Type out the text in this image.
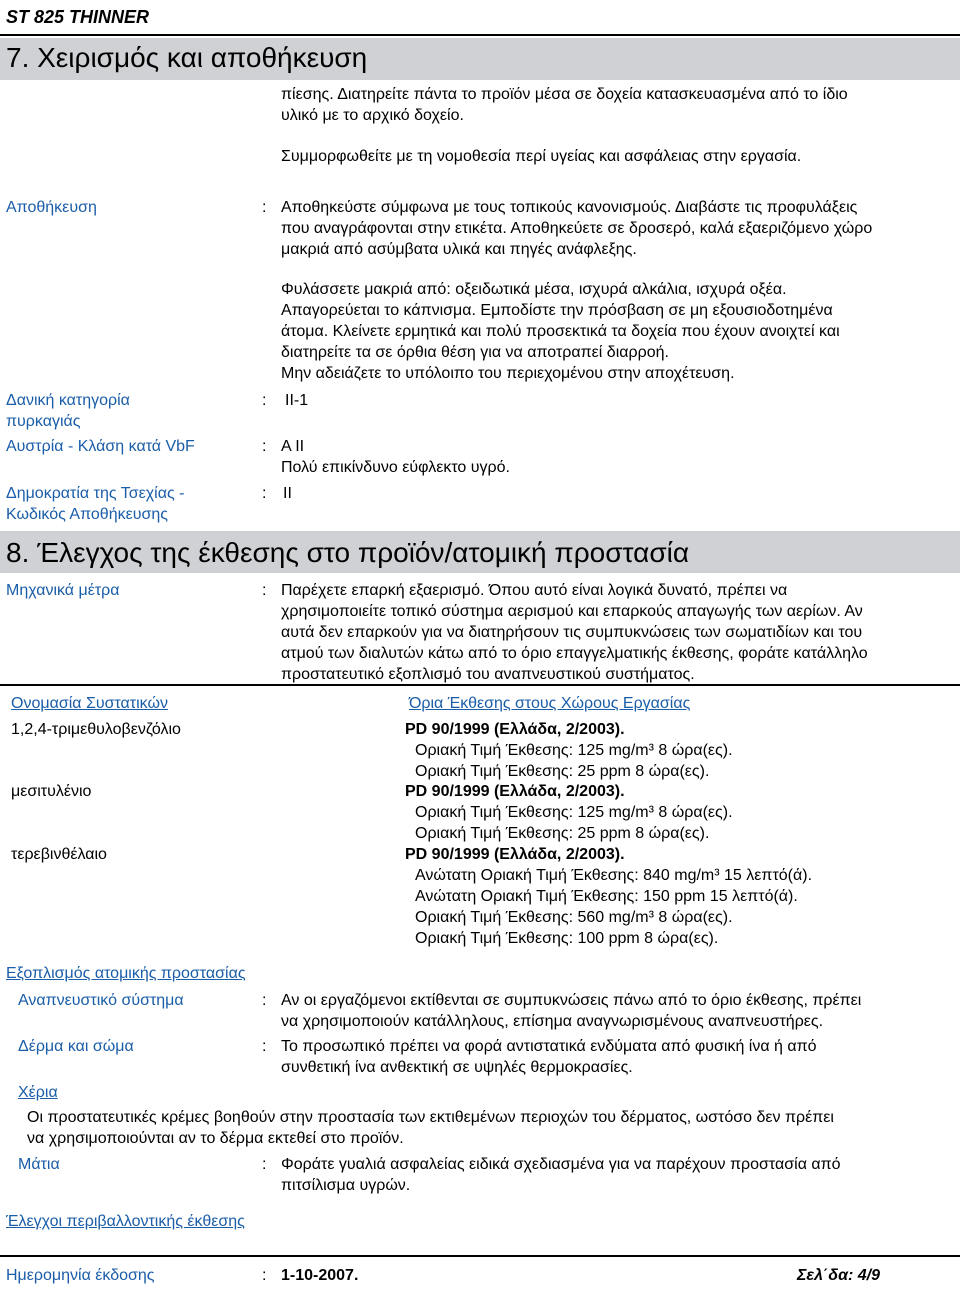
ST 825 THINNER
7. Χειρισμός και αποθήκευση
πίεσης. Διατηρείτε πάντα το προϊόν μέσα σε δοχεία κατασκευασμένα από το ίδιο
υλικό με το αρχικό δοχείο.
Συμμορφωθείτε με τη νομοθεσία περί υγείας και ασφάλειας στην εργασία.
Αποθήκευση	: Αποθηκεύστε σύμφωνα με τους τοπικούς κανονισμούς. Διαβάστε τις προφυλάξεις
που αναγράφονται στην ετικέτα. Αποθηκεύετε σε δροσερό, καλά εξαεριζόμενο χώρο
μακριά από ασύμβατα υλικά και πηγές ανάφλεξης.
Φυλάσσετε μακριά από: οξειδωτικά μέσα, ισχυρά αλκάλια, ισχυρά οξέα.
Απαγορεύεται το κάπνισμα. Εμποδίστε την πρόσβαση σε μη εξουσιοδοτημένα
άτομα. Κλείνετε ερμητικά και πολύ προσεκτικά τα δοχεία που έχουν ανοιχτεί και
διατηρείτε τα σε όρθια θέση για να αποτραπεί διαρροή.
Μην αδειάζετε το υπόλοιπο του περιεχομένου στην αποχέτευση.
Δανική κατηγορία
πυρκαγιάς
: II-1
Αυστρία - Κλάση κατά VbF	: A II
Πολύ επικίνδυνο εύφλεκτο υγρό.
Δημοκρατία της Τσεχίας -
Κωδικός Αποθήκευσης
: II
8. Έλεγχος της έκθεσης στο προϊόν/ατομική προστασία
Μηχανικά μέτρα	: Παρέχετε επαρκή εξαερισμό. Όπου αυτό είναι λογικά δυνατό, πρέπει να
χρησιμοποιείτε τοπικό σύστημα αερισμού και επαρκούς απαγωγής των αερίων. Αν
αυτά δεν επαρκούν για να διατηρήσουν τις συμπυκνώσεις των σωματιδίων και του
ατμού των διαλυτών κάτω από το όριο επαγγελματικής έκθεσης, φοράτε κατάλληλο
προστατευτικό εξοπλισμό του αναπνευστικού συστήματος.
Ονομασία Συστατικών	Όρια Έκθεσης στους Χώρους Εργασίας
1,2,4-τριμεθυλοβενζόλιο	PD 90/1999 (Ελλάδα, 2/2003).
Οριακή Τιμή Έκθεσης: 125 mg/m³ 8 ώρα(ες).
Οριακή Τιμή Έκθεσης: 25 ppm 8 ώρα(ες).
μεσιτυλένιο	PD 90/1999 (Ελλάδα, 2/2003).
Οριακή Τιμή Έκθεσης: 125 mg/m³ 8 ώρα(ες).
Οριακή Τιμή Έκθεσης: 25 ppm 8 ώρα(ες).
τερεβινθέλαιο	PD 90/1999 (Ελλάδα, 2/2003).
Ανώτατη Οριακή Τιμή Έκθεσης: 840 mg/m³ 15 λεπτό(ά).
Ανώτατη Οριακή Τιμή Έκθεσης: 150 ppm 15 λεπτό(ά).
Οριακή Τιμή Έκθεσης: 560 mg/m³ 8 ώρα(ες).
Οριακή Τιμή Έκθεσης: 100 ppm 8 ώρα(ες).
Εξοπλισμός ατομικής προστασίας
Αναπνευστικό σύστημα	: Αν οι εργαζόμενοι εκτίθενται σε συμπυκνώσεις πάνω από το όριο έκθεσης, πρέπει
να χρησιμοποιούν κατάλληλους, επίσημα αναγνωρισμένους αναπνευστήρες.
Δέρμα και σώμα	: Το προσωπικό πρέπει να φορά αντιστατικά ενδύματα από φυσική ίνα ή από
συνθετική ίνα ανθεκτική σε υψηλές θερμοκρασίες.
Χέρια
Οι προστατευτικές κρέμες βοηθούν στην προστασία των εκτιθεμένων περιοχών του δέρματος, ωστόσο δεν πρέπει
να χρησιμοποιούνται αν το δέρμα εκτεθεί στο προϊόν.
Μάτια	: Φοράτε γυαλιά ασφαλείας ειδικά σχεδιασμένα για να παρέχουν προστασία από
πιτσίλισμα υγρών.
Έλεγχοι περιβαλλοντικής έκθεσης
Ημερομηνία έκδοσης	: 1-10-2007.	Σελ΄δα: 4/9
